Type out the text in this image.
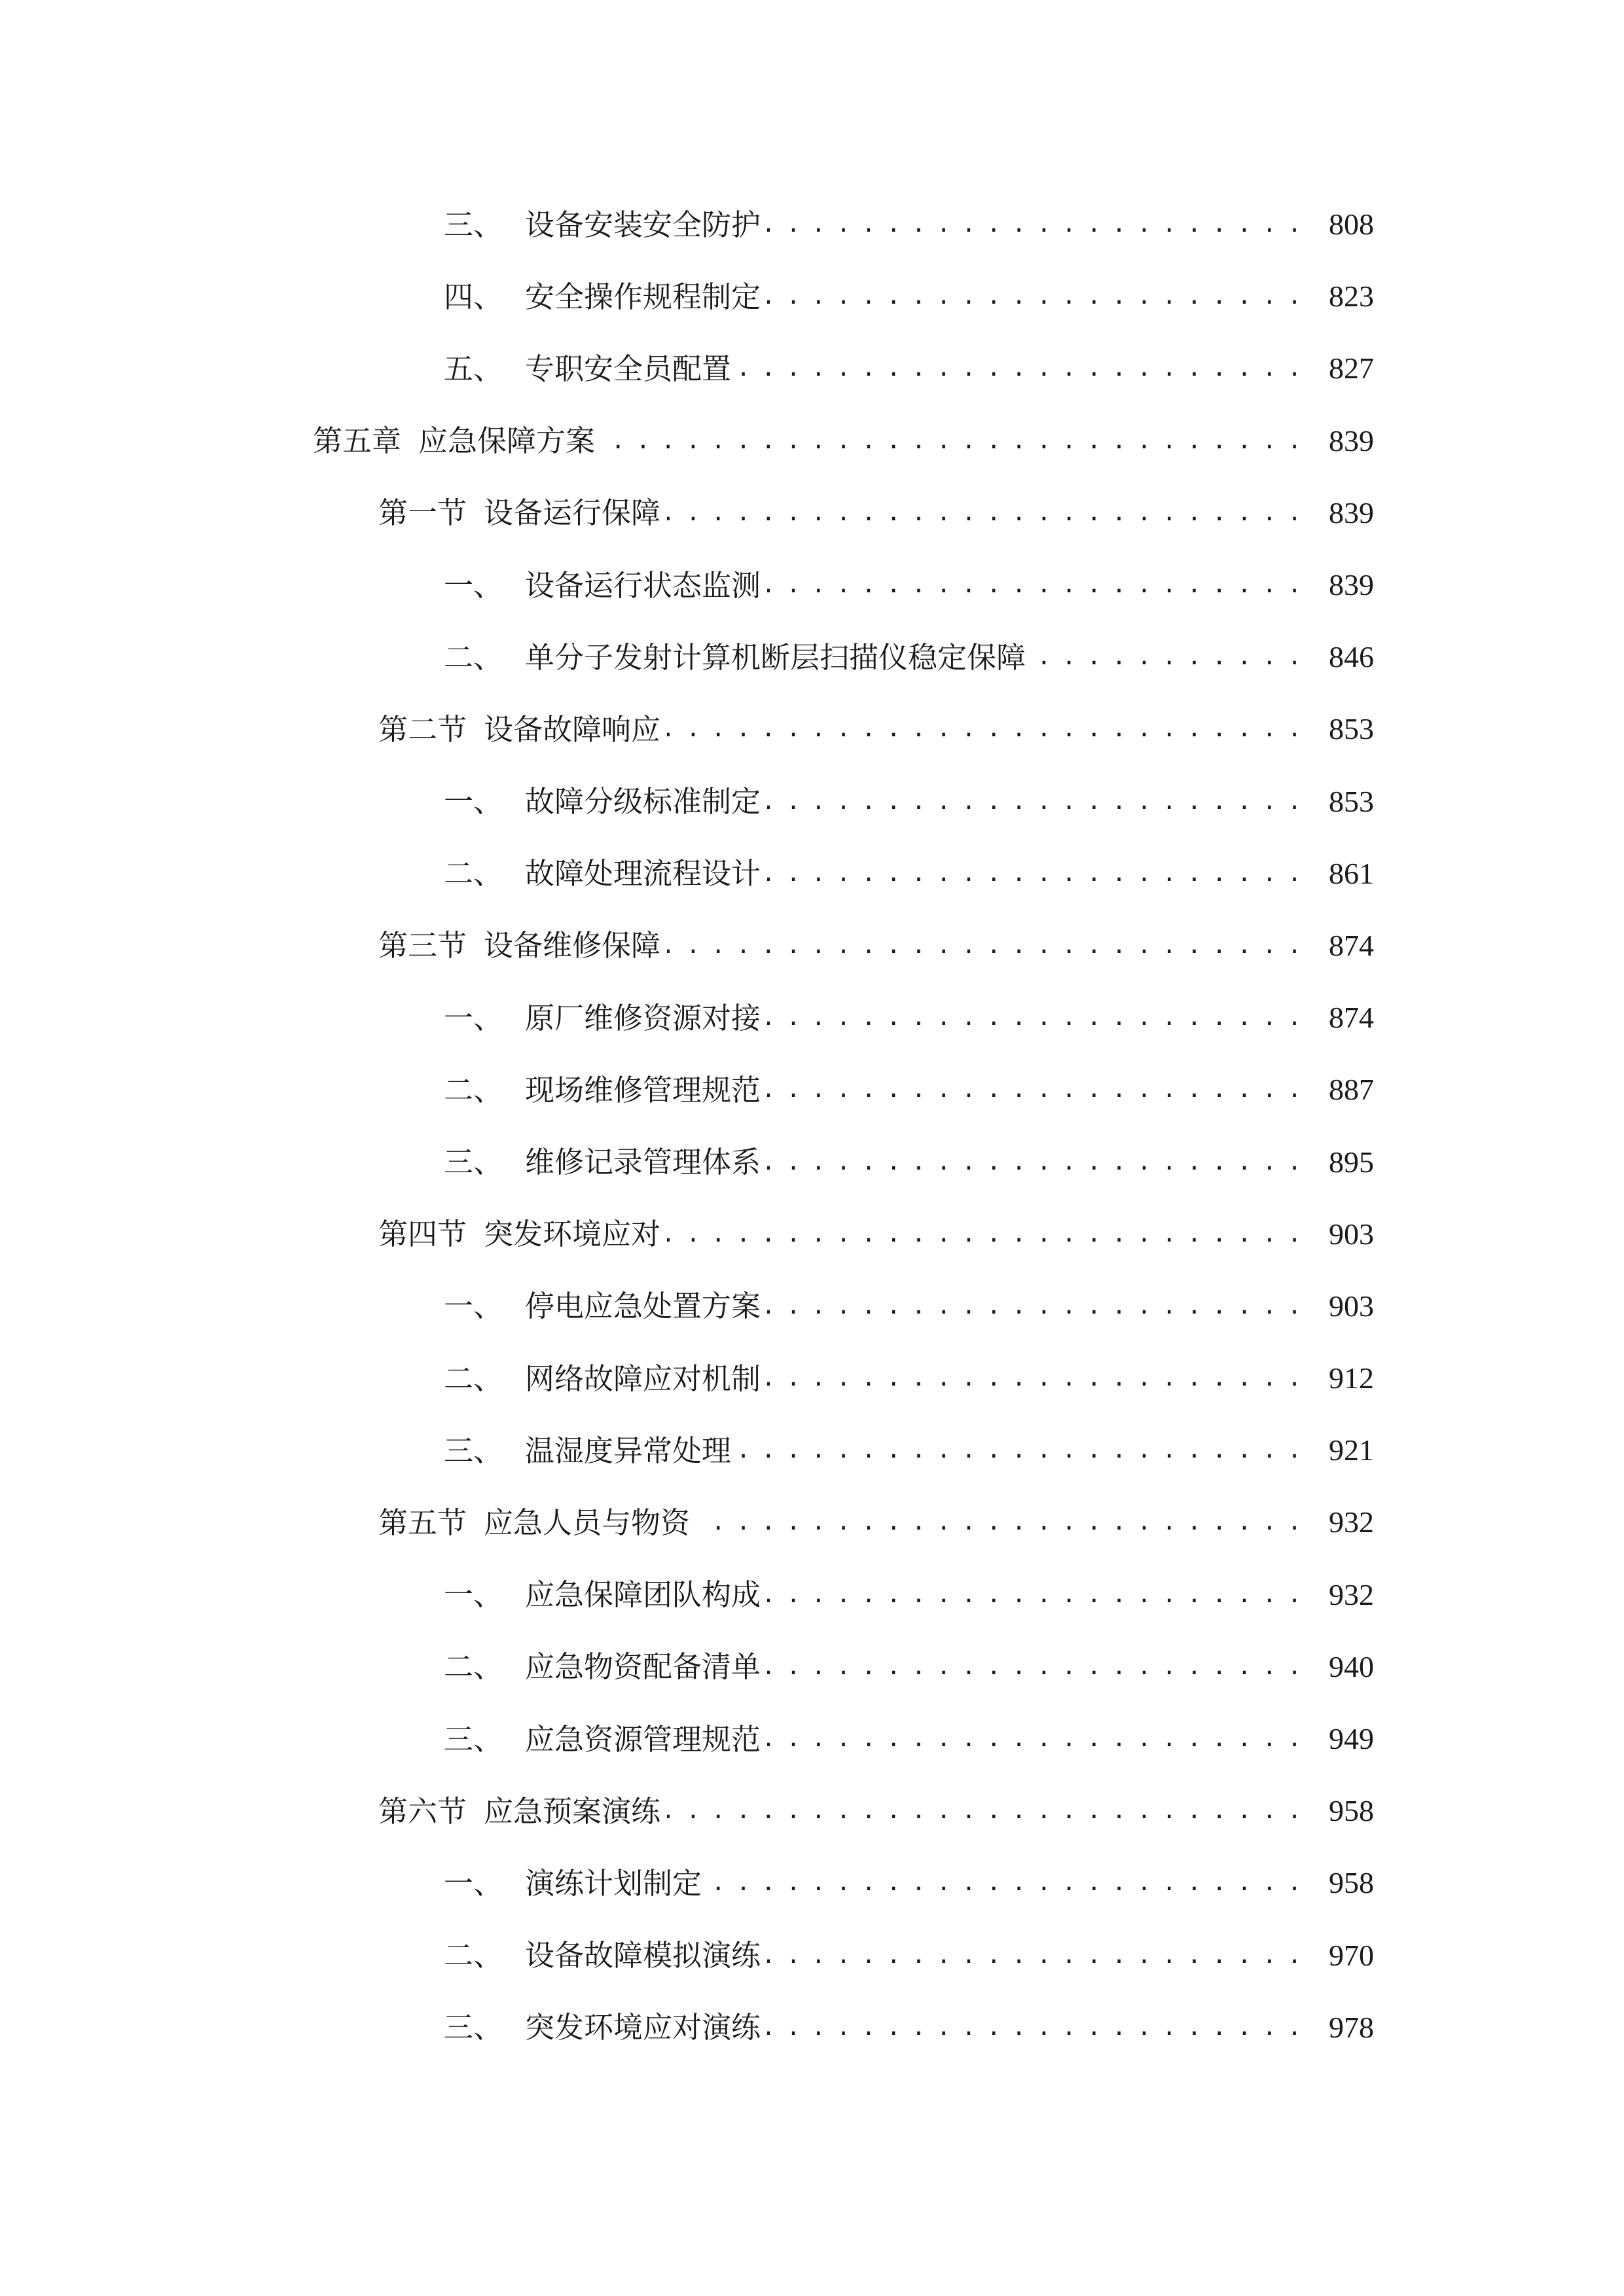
三、 设备安装安全防护 .....	808
四、 安全操作规程制定 .....	823
五、 专职安全员配置 .....	827
第五章 应急保障方案 .....	839
第一节 设备运行保障 .....	839
一、 设备运行状态监测 .....	839
二、 单分子发射计算机断层扫描仪稳定保障 .....	846
第二节 设备故障响应 .....	853
一、 故障分级标准制定 .....	853
二、 故障处理流程设计 .....	861
第三节 设备维修保障 .....	874
一、 原厂维修资源对接 .....	874
二、 现场维修管理规范 .....	887
三、 维修记录管理体系 .....	895
第四节 突发环境应对 .....	903
一、 停电应急处置方案 .....	903
二、 网络故障应对机制 .....	912
三、 温湿度异常处理 .....	921
第五节 应急人员与物资 .....	932
一、 应急保障团队构成 .....	932
二、 应急物资配备清单 .....	940
三、 应急资源管理规范 .....	949
第六节 应急预案演练 .....	958
一、 演练计划制定 .....	958
二、 设备故障模拟演练 .....	970
三、 突发环境应对演练 .....	978
